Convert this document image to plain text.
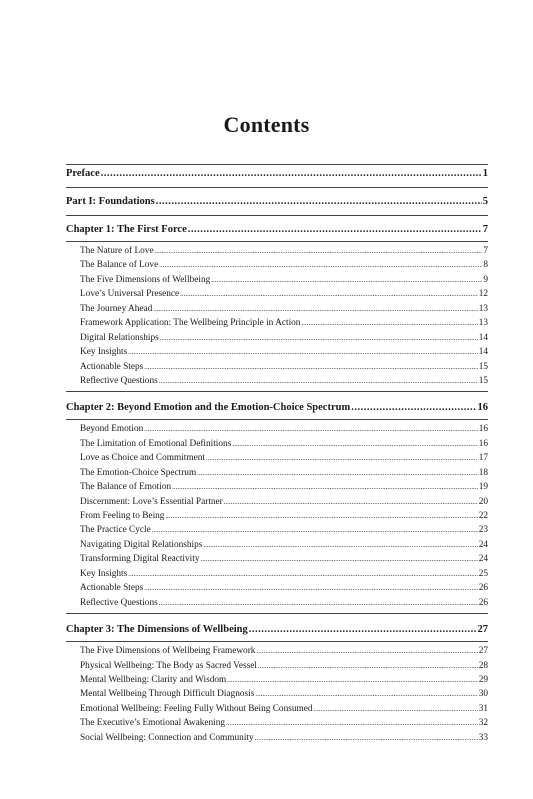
Contents
Preface .....	1
Part I: Foundations .....	5
Chapter 1: The First Force .....	7
The Nature of Love .....	7
The Balance of Love .....	8
The Five Dimensions of Wellbeing .....	9
Love’s Universal Presence .....	12
The Journey Ahead .....	13
Framework Application: The Wellbeing Principle in Action .....	13
Digital Relationships .....	14
Key Insights .....	14
Actionable Steps .....	15
Reflective Questions .....	15
Chapter 2: Beyond Emotion and the Emotion-Choice Spectrum .....	16
Beyond Emotion .....	16
The Limitation of Emotional Definitions .....	16
Love as Choice and Commitment .....	17
The Emotion-Choice Spectrum .....	18
The Balance of Emotion .....	19
Discernment: Love’s Essential Partner .....	20
From Feeling to Being .....	22
The Practice Cycle .....	23
Navigating Digital Relationships .....	24
Transforming Digital Reactivity .....	24
Key Insights .....	25
Actionable Steps .....	26
Reflective Questions .....	26
Chapter 3: The Dimensions of Wellbeing .....	27
The Five Dimensions of Wellbeing Framework .....	27
Physical Wellbeing: The Body as Sacred Vessel .....	28
Mental Wellbeing: Clarity and Wisdom .....	29
Mental Wellbeing Through Difficult Diagnosis .....	30
Emotional Wellbeing: Feeling Fully Without Being Consumed .....	31
The Executive’s Emotional Awakening .....	32
Social Wellbeing: Connection and Community .....	33
